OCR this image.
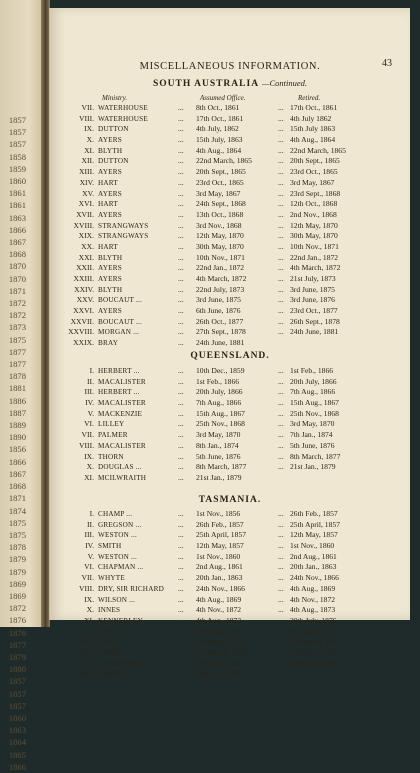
1857
1857
1857
1858
1859
1860
1861
1861
1863
1866
1867
1868
1870
1870
1871
1872
1872
1873
1875
1877
1877
1878
1881
1886
1887
1889
1890
1856
1866
1867
1868
1871
1874
1875
1875
1878
1879
1879
1869
1869
1872
1876
1876
1877
1879
1880
1857
1857
1857
1860
1863
1864
1865
1866
MISCELLANEOUS INFORMATION.	43
SOUTH AUSTRALIA —Continued.
Ministry.	Assumed Office.	Retired.
VII. WATERHOUSE	8th Oct., 1861	17th Oct., 1861
...	...
VIII. WATERHOUSE	17th Oct., 1861	4th July 1862
...	...
IX. DUTTON	4th July, 1862	15th July 1863
...	...
X. AYERS	15th July, 1863	4th Aug., 1864
...	...
XI. BLYTH	4th Aug., 1864	22nd March, 1865
...	...
XII. DUTTON	22nd March, 1865	20th Sept., 1865
...	...
XIII. AYERS	20th Sept., 1865	23rd Oct., 1865
...	...
XIV. HART	23rd Oct., 1865	3rd May, 1867
...	...
XV. AYERS	3rd May, 1867	23rd Sept., 1868
...	...
XVI. HART	24th Sept., 1868	12th Oct., 1868
...	...
XVII. AYERS	13th Oct., 1868	2nd Nov., 1868
...	...
XVIII. STRANGWAYS	3rd Nov., 1868	12th May, 1870
...	...
XIX. STRANGWAYS	12th May, 1870	30th May, 1870
...	...
XX. HART	30th May, 1870	10th Nov., 1871
...	...
XXI. BLYTH	10th Nov., 1871	22nd Jan., 1872
...	...
XXII. AYERS	22nd Jan., 1872	4th March, 1872
...	...
XXIII. AYERS	4th March, 1872	21st July, 1873
...	...
XXIV. BLYTH	22nd July, 1873	3rd June, 1875
...	...
XXV. BOUCAUT ...	3rd June, 1875	3rd June, 1876
...	...
XXVI. AYERS	6th June, 1876	23rd Oct., 1877
...	...
XXVII. BOUCAUT ...	26th Oct., 1877	26th Sept., 1878
...	...
XXVIII. MORGAN ...	27th Sept., 1878	24th June, 1881
...	...
XXIX. BRAY	24th June, 1881
...
QUEENSLAND.
I. HERBERT ...	10th Dec., 1859	1st Feb., 1866
...	...
II. MACALISTER	1st Feb., 1866	20th July, 1866
...	...
III. HERBERT ...	20th July, 1866	7th Aug., 1866
...	...
IV. MACALISTER	7th Aug., 1866	15th Aug., 1867
...	...
V. MACKENZIE	15th Aug., 1867	25th Nov., 1868
...	...
VI. LILLEY	25th Nov., 1868	3rd May, 1870
...	...
VII. PALMER	3rd May, 1870	7th Jan., 1874
...	...
VIII. MACALISTER	8th Jan., 1874	5th June, 1876
...	...
IX. THORN	5th June, 1876	8th March, 1877
...	...
X. DOUGLAS ...	8th March, 1877	21st Jan., 1879
...	...
XI. MCILWRAITH	21st Jan., 1879
...
TASMANIA.
I. CHAMP ...	1st Nov., 1856	26th Feb., 1857
...	...
II. GREGSON ...	26th Feb., 1857	25th April, 1857
...	...
III. WESTON ...	25th April, 1857	12th May, 1857
...	...
IV. SMITH	12th May, 1857	1st Nov., 1860
...	...
V. WESTON ...	1st Nov., 1860	2nd Aug., 1861
...	...
VI. CHAPMAN ...	2nd Aug., 1861	20th Jan., 1863
...	...
VII. WHYTE	20th Jan., 1863	24th Nov., 1866
...	...
VIII. DRY, SIR RICHARD	24th Nov., 1866	4th Aug., 1869
...	...
IX. WILSON ...	4th Aug., 1869	4th Nov., 1872
...	...
X. INNES	4th Nov., 1872	4th Aug., 1873
...	...
XI. KENNERLEY	4th Aug., 1873	20th July, 1876
...	...
XII. REIBEY ...	20th July, 1876	9th Aug., 1877
...	...
XIII. FYSH	9th Aug., 1877	5th March, 1878
...	...
XIV. GIBLIN ...	5th March, 1878	20th Dec., 1878
...	...
XV. CROWTHER	20th Dec., 1878	30th Oct., 1879
...	...
XVI. GIBLIN ...	31st Oct., 1879
...
